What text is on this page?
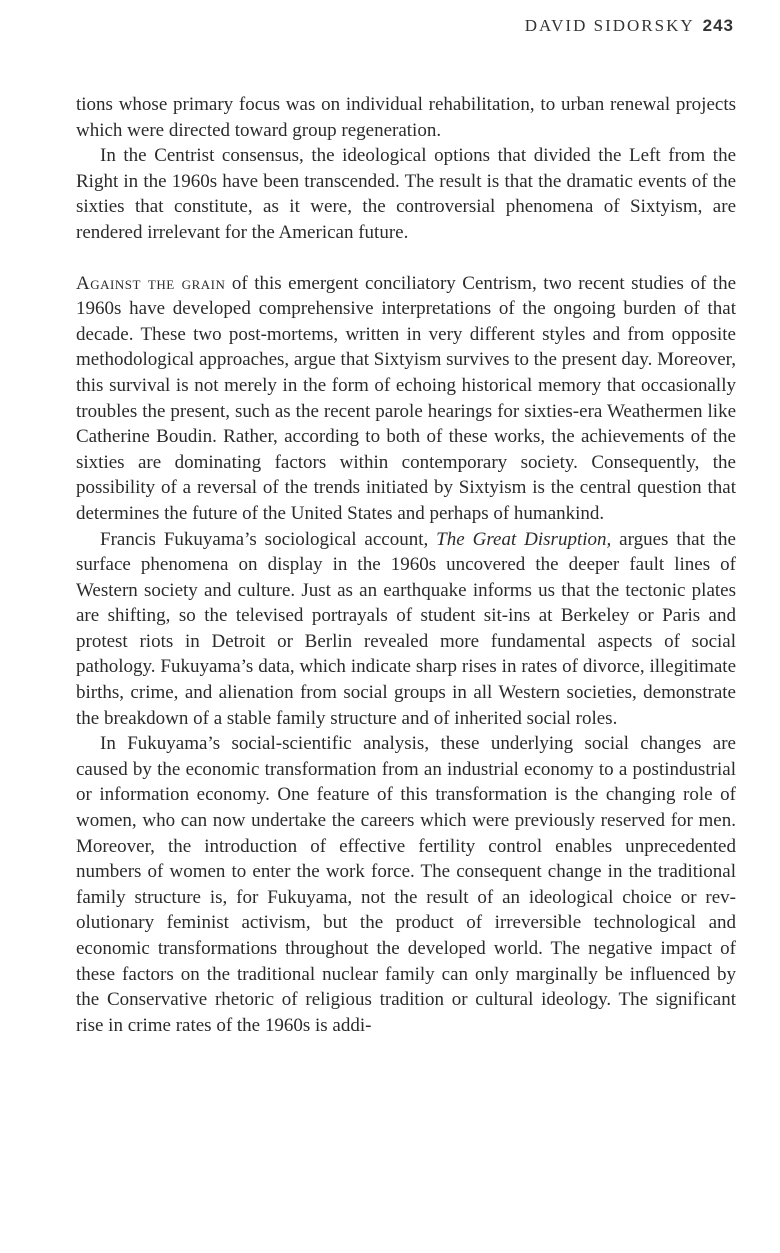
DAVID SIDORSKY 243

tions whose primary focus was on individual rehabilitation, to urban renewal projects which were directed toward group regeneration.

In the Centrist consensus, the ideological options that divided the Left from the Right in the 1960s have been transcended. The result is that the dramatic events of the sixties that constitute, as it were, the controversial phenomena of Sixtyism, are rendered irrelevant for the American future.

Against the grain of this emergent conciliatory Centrism, two recent studies of the 1960s have developed comprehensive interpretations of the ongoing burden of that decade. These two post-mortems, written in very different styles and from opposite methodological approaches, argue that Sixtyism survives to the present day. Moreover, this survival is not merely in the form of echoing historical memory that occasionally troubles the present, such as the recent parole hearings for sixties-era Weathermen like Catherine Boudin. Rather, according to both of these works, the achievements of the sixties are dominating factors within contemporary society. Consequently, the possibility of a reversal of the trends initiated by Sixtyism is the central question that determines the future of the United States and perhaps of humankind.

Francis Fukuyama’s sociological account, The Great Disruption, argues that the surface phenomena on display in the 1960s uncovered the deeper fault lines of Western society and culture. Just as an earthquake informs us that the tectonic plates are shifting, so the televised portrayals of student sit-ins at Berkeley or Paris and protest riots in Detroit or Berlin revealed more fundamental aspects of social pathology. Fukuyama’s data, which indicate sharp rises in rates of divorce, illegitimate births, crime, and alienation from social groups in all Western societies, demonstrate the breakdown of a stable family structure and of inherited social roles.

In Fukuyama’s social-scientific analysis, these underlying social changes are caused by the economic transformation from an industrial economy to a postindustrial or information economy. One feature of this transformation is the changing role of women, who can now undertake the careers which were previously reserved for men. Moreover, the introduction of effective fertility control enables unprecedented numbers of women to enter the work force. The consequent change in the traditional family structure is, for Fukuyama, not the result of an ideological choice or revolutionary feminist activism, but the product of irreversible technological and economic transformations throughout the developed world. The negative impact of these factors on the traditional nuclear family can only marginally be influenced by the Conservative rhetoric of religious tradition or cultural ideology. The significant rise in crime rates of the 1960s is addi-
